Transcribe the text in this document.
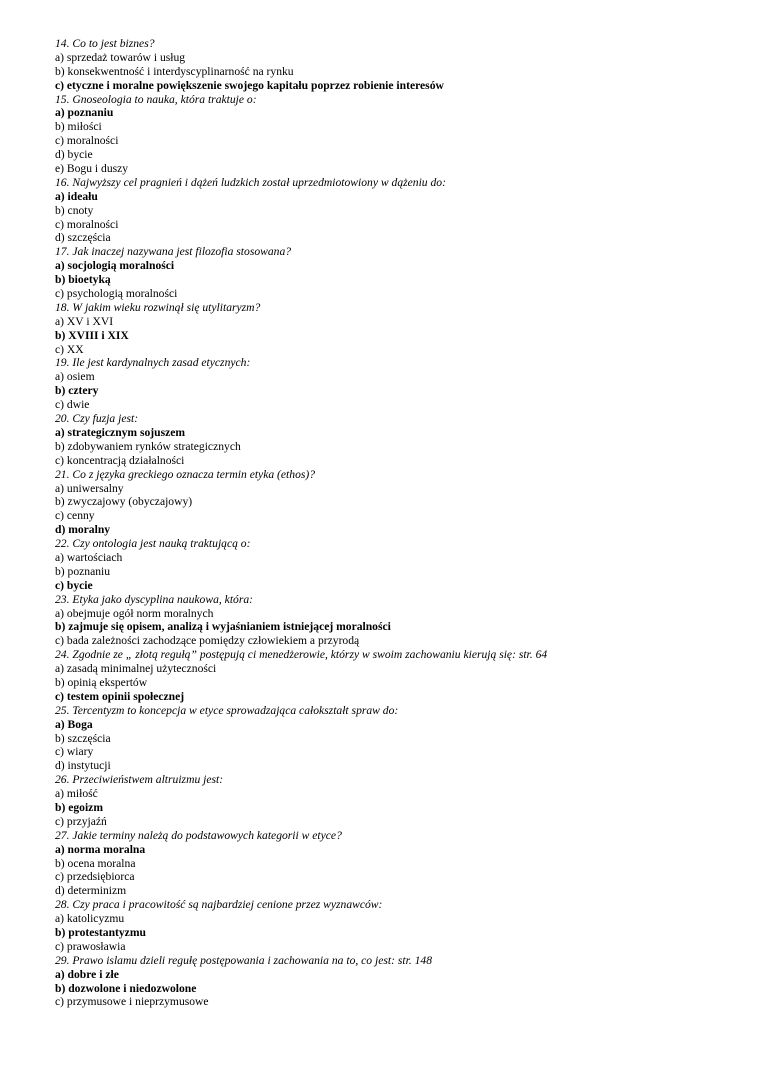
14. Co to jest biznes?
a) sprzedaż towarów i usług
b) konsekwentność i interdyscyplinarność na rynku
c) etyczne i moralne powiększenie swojego kapitału poprzez robienie interesów
15. Gnoseologia to nauka, która traktuje o:
a) poznaniu
b) miłości
c) moralności
d) bycie
e) Bogu i duszy
16. Najwyższy cel pragnień i dążeń ludzkich został uprzedmiotowiony w dążeniu do:
a) ideału
b) cnoty
c) moralności
d) szczęścia
17. Jak inaczej nazywana jest filozofia stosowana?
a) socjologią moralności
b) bioetyką
c) psychologią moralności
18. W jakim wieku rozwinął się utylitaryzm?
a) XV i XVI
b) XVIII i XIX
c) XX
19. Ile jest kardynalnych zasad etycznych:
a) osiem
b) cztery
c) dwie
20. Czy fuzja jest:
a) strategicznym sojuszem
b) zdobywaniem rynków strategicznych
c) koncentracją działalności
21. Co z języka greckiego oznacza termin etyka (ethos)?
a) uniwersalny
b) zwyczajowy (obyczajowy)
c) cenny
d) moralny
22. Czy ontologia jest nauką traktującą o:
a) wartościach
b) poznaniu
c) bycie
23. Etyka jako dyscyplina naukowa, która:
a) obejmuje ogół norm moralnych
b) zajmuje się opisem, analizą i wyjaśnianiem istniejącej moralności
c) bada zależności zachodzące pomiędzy człowiekiem a przyrodą
24. Zgodnie ze „ złotą regułą” postępują ci menedżerowie, którzy w swoim zachowaniu kierują się: str. 64
a) zasadą minimalnej użyteczności
b) opinią ekspertów
c) testem opinii społecznej
25. Tercentyzm to koncepcja w etyce sprowadzająca całokształt spraw do:
a) Boga
b) szczęścia
c) wiary
d) instytucji
26. Przeciwieństwem altruizmu jest:
a) miłość
b) egoizm
c) przyjaźń
27. Jakie terminy należą do podstawowych kategorii w etyce?
a) norma moralna
b) ocena moralna
c) przedsiębiorca
d) determinizm
28. Czy praca i pracowitość są najbardziej cenione przez wyznawców:
a) katolicyzmu
b) protestantyzmu
c) prawosławia
29. Prawo islamu dzieli regułę postępowania i zachowania na to, co jest: str. 148
a) dobre i złe
b) dozwolone i niedozwolone
c) przymusowe i nieprzymusowe
